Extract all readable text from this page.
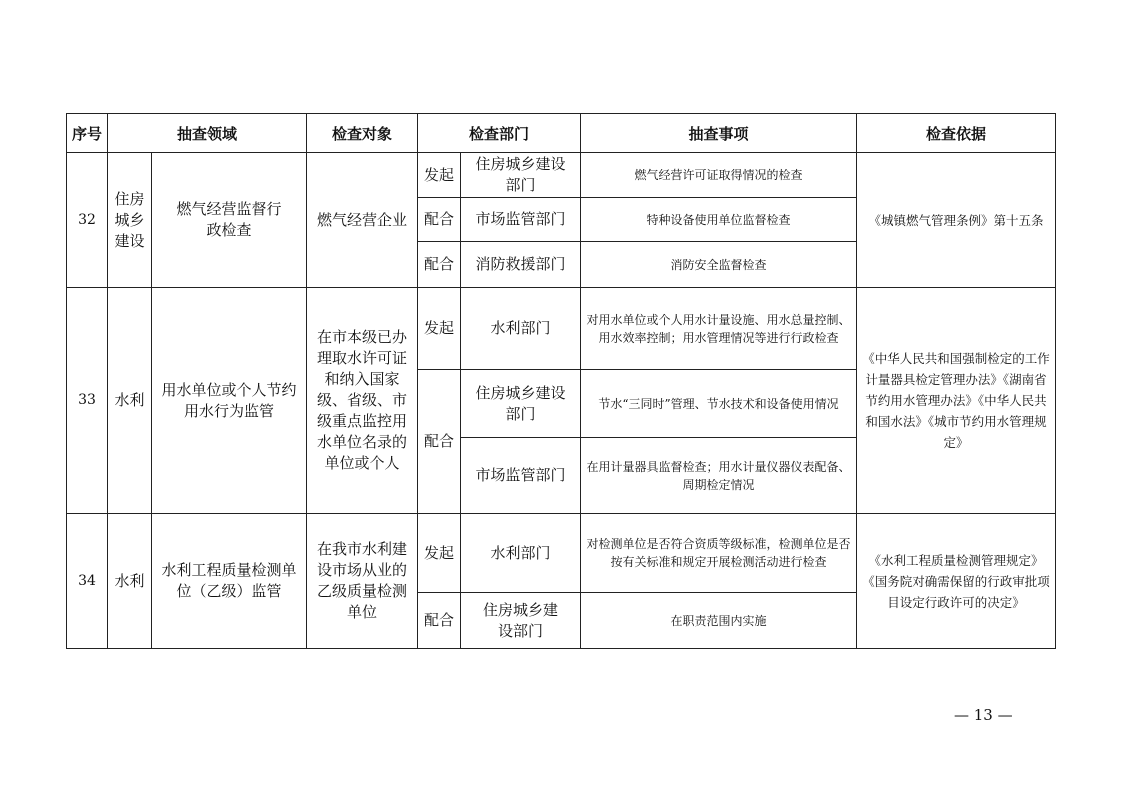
序号	抽查领域		检查对象	检查部门		抽查事项	检查依据
32	住房城乡建设	燃气经营监督行政检查	燃气经营企业	发起	住房城乡建设部门	燃气经营许可证取得情况的检查	《城镇燃气管理条例》第十五条
				配合	市场监管部门	特种设备使用单位监督检查	
				配合	消防救援部门	消防安全监督检查	
33	水利	用水单位或个人节约用水行为监管	在市本级已办理取水许可证和纳入国家级、省级、市级重点监控用水单位名录的单位或个人	发起	水利部门	对用水单位或个人用水计量设施、用水总量控制、用水效率控制；用水管理情况等进行行政检查	《中华人民共和国强制检定的工作计量器具检定管理办法》《湖南省节约用水管理办法》《中华人民共和国水法》《城市节约用水管理规定》
				配合	住房城乡建设部门	节水“三同时”管理、节水技术和设备使用情况	
					市场监管部门	在用计量器具监督检查；用水计量仪器仪表配备、周期检定情况	
34	水利	水利工程质量检测单位（乙级）监管	在我市水利建设市场从业的乙级质量检测单位	发起	水利部门	对检测单位是否符合资质等级标准，检测单位是否按有关标准和规定开展检测活动进行检查	《水利工程质量检测管理规定》《国务院对确需保留的行政审批项目设定行政许可的决定》
				配合	住房城乡建设部门	在职责范围内实施	
— 13 —
